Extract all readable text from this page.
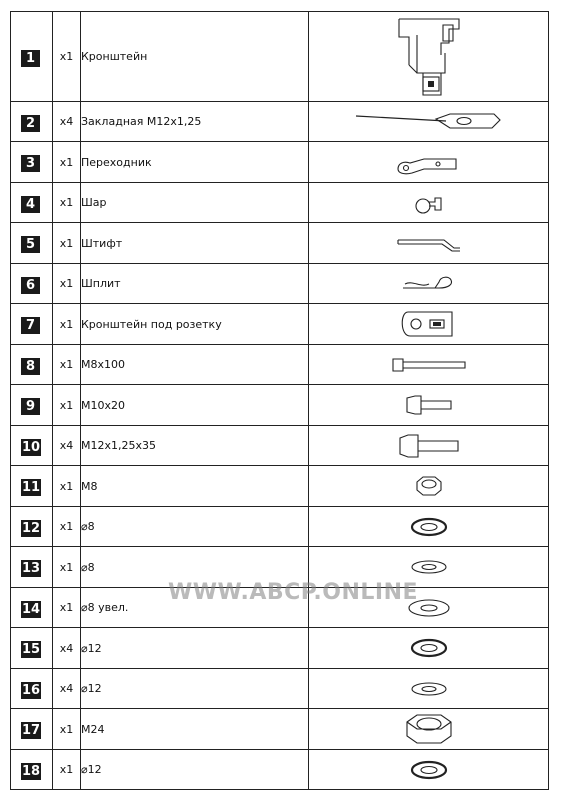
1	x1	Кронштейн	

2	x4	Закладная M12x1,25	

3	x1	Переходник	

4	x1	Шар	

5	x1	Штифт	

6	x1	Шплит	

7	x1	Кронштейн под розетку	

8	x1	M8x100	

9	x1	M10x20	

10	x4	M12x1,25x35	

11	x1	M8	

12	x1	⌀8	

13	x1	⌀8	

14	x1	⌀8 увел.	

15	x4	⌀12	

16	x4	⌀12	

17	x1	M24	

18	x1	⌀12	
WWW.ABCP.ONLINE
